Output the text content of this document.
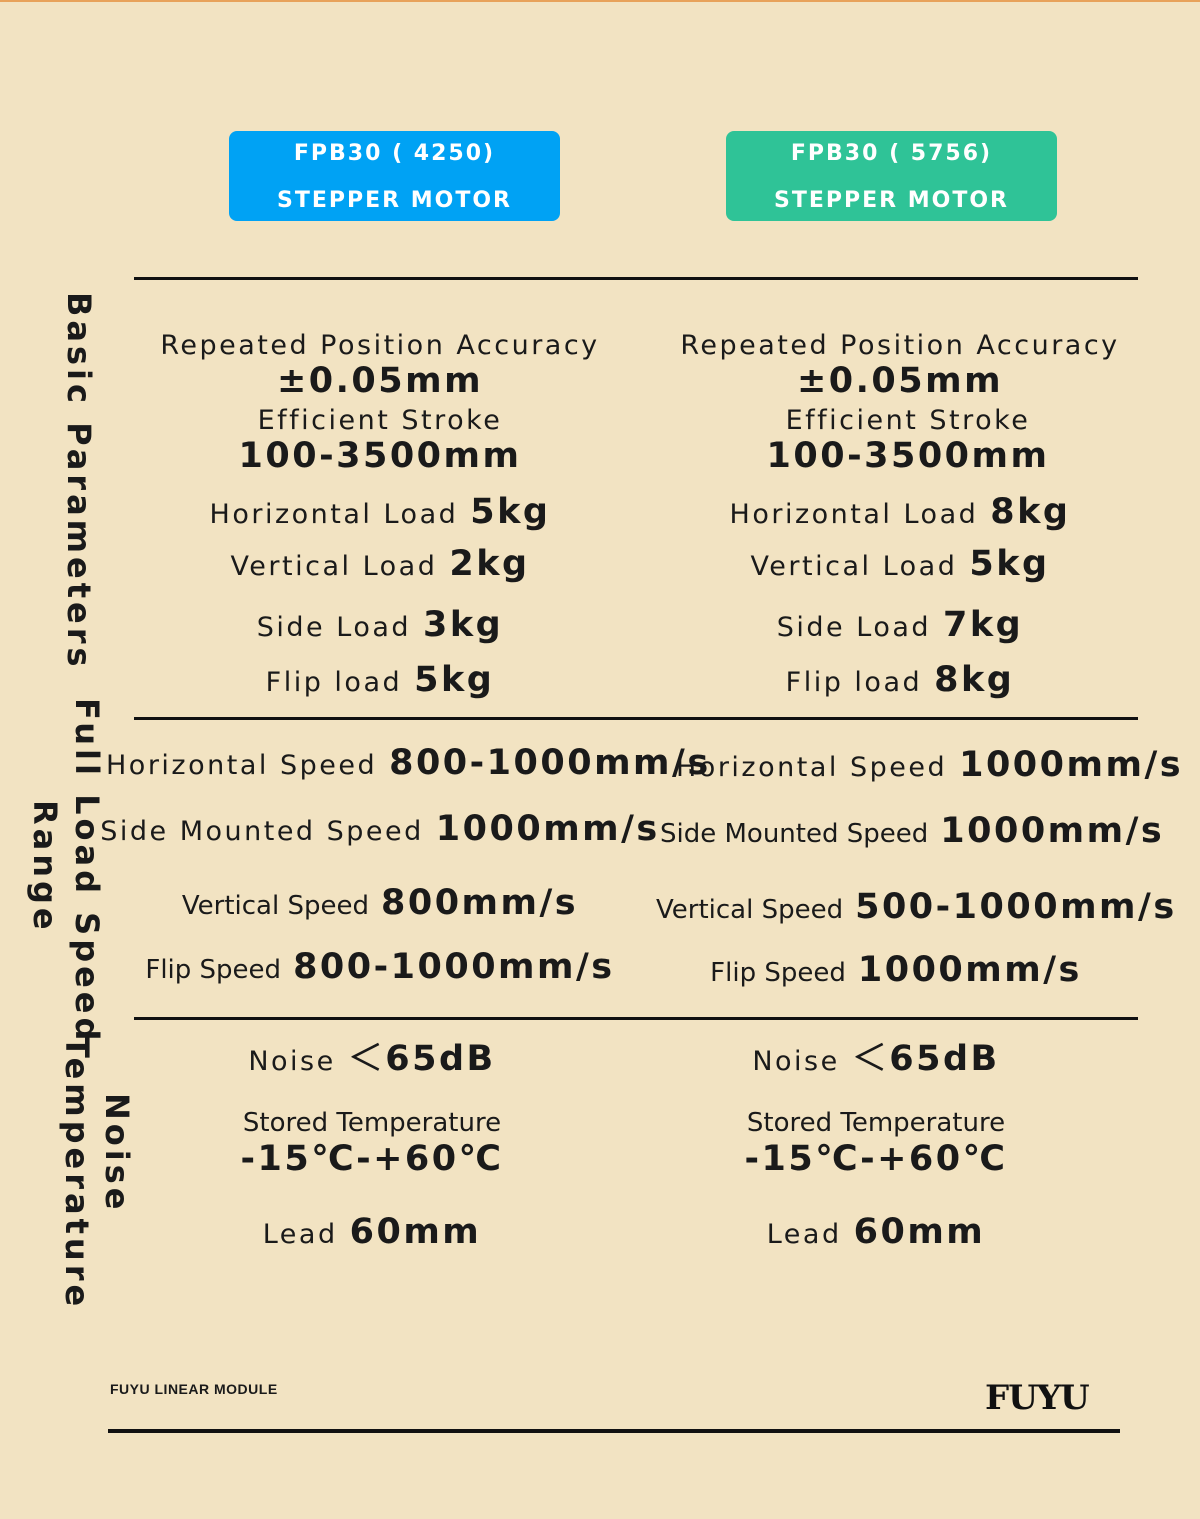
FPB30 ( 4250)
STEPPER MOTOR
FPB30 ( 5756)
STEPPER MOTOR
Basic Parameters
Full Load Speed
Range
Noise
Temperature
Repeated Position Accuracy
±0.05mm
Efficient Stroke
100-3500mm
Horizontal Load 5kg
Vertical Load 2kg
Side Load 3kg
Flip load 5kg
Horizontal Speed 800-1000mm/s
Side Mounted Speed 1000mm/s
Vertical Speed 800mm/s
Flip Speed 800-1000mm/s
Noise ＜65dB
Stored Temperature
-15℃-+60℃
Lead 60mm
Repeated Position Accuracy
±0.05mm
Efficient Stroke
100-3500mm
Horizontal Load 8kg
Vertical Load 5kg
Side Load 7kg
Flip load 8kg
Horizontal Speed 1000mm/s
Side Mounted Speed 1000mm/s
Vertical Speed 500-1000mm/s
Flip Speed 1000mm/s
Noise ＜65dB
Stored Temperature
-15℃-+60℃
Lead 60mm
FUYU LINEAR MODULE	FUYU
